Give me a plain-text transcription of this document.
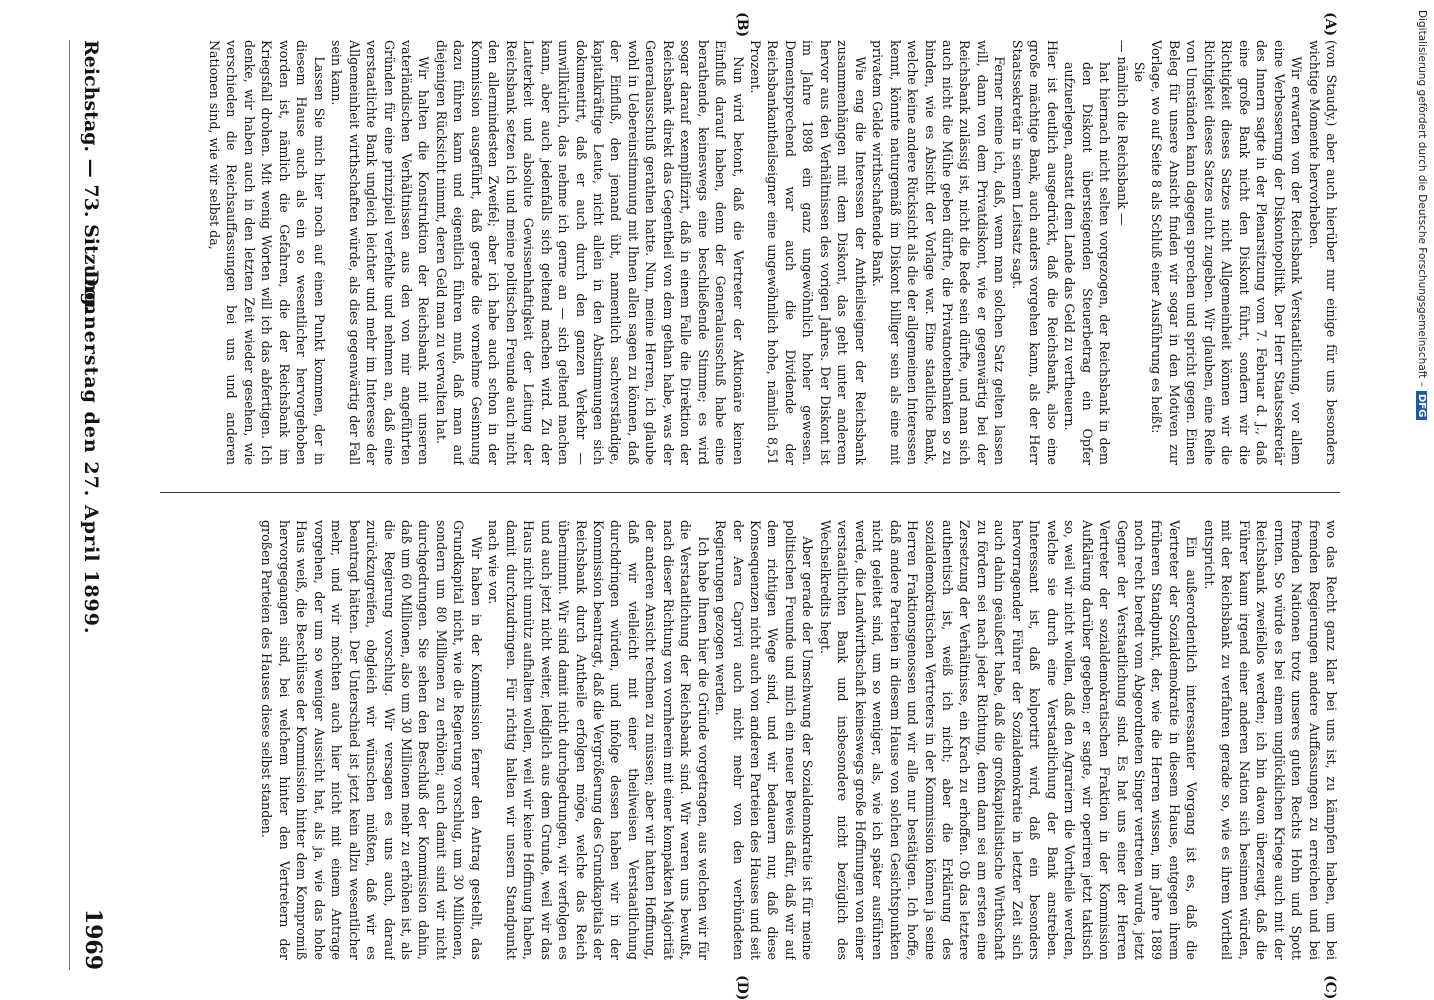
Reichstag. — 73. Sitzung.
Donnerstag den 27. April 1899.
1969
(A)
(B)
(C)
(D)

(von Staudy.) aber auch hierüber nur einige für uns besonders wichtige Momente hervorheben.

Wir erwarten von der Reichsbank Verstaatlichung, vor allem eine Verbesserung der Diskontopolitik. Der Herr Staatssekretär des Innern sagte in der Plenarsitzung vom 7. Februar d. J., daß eine große Bank nicht den Diskont führt, sondern wir die Richtigkeit dieses Satzes nicht Allgemeinheit können wir die Richtigkeit dieses Satzes nicht zugeben. Wir glauben, eine Reihe von Umständen kann dagegen sprechen und spricht gegen. Einen Beleg für unsere Ansicht finden wir sogar in den Motiven zur Vorlage, wo auf Seite 8 als Schluß einer Ausführung es heißt:

Sie

— nämlich die Reichsbank —

hat hiernach nicht selten vorgezogen, der Reichsbank in dem den Diskont übersteigenden Steuerbetrag ein Opfer aufzuerlegen, anstatt dem Lande das Geld zu vertheuern.

Hier ist deutlich ausgedrückt, daß die Reichsbank, also eine große mächtige Bank, auch anders vorgehen kann, als der Herr Staatssekretär in seinem Leitsatz sagt.

Ferner meine ich, daß, wenn man solchen Satz gelten lassen will, dann von dem Privatdiskont, wie er gegenwärtig bei der Reichsbank zulässig ist, nicht die Rede sein dürfte, und man sich auch nicht die Mühe geben dürfte, die Privatnotenbanken so zu binden, wie es Absicht der Vorlage war. Eine staatliche Bank, welche keine andere Rücksicht als die der allgemeinen Interessen kennt, könnte naturgemäß im Diskont billiger sein als eine mit privatem Gelde wirthschaftende Bank.

Wie eng die Interessen der Antheilseigner der Reichsbank zusammenhängen mit dem Diskont, das geht unter anderem hervor aus den Verhältnissen des vorigen Jahres. Der Diskont ist im Jahre 1898 ein ganz ungewöhnlich hoher gewesen. Dementsprechend war auch die Dividende der Reichsbankantheilseigner eine ungewöhnlich hohe, nämlich 8,51 Prozent.

Nun wird betont, daß die Vertreter der Aktionäre keinen Einfluß darauf haben, denn der Generalausschuß habe eine berathende, keineswegs eine beschließende Stimme; es wird sogar darauf exemplifizirt, daß in einem Falle die Direktion der Reichsbank direkt das Gegentheil von dem gethan habe, was der Generalausschuß gerathen hatte. Nun, meine Herren, ich glaube wohl in Uebereinstimmung mit Ihnen allen sagen zu können, daß der Einfluß, den jemand übt, namentlich sachverständige, kapitalkräftige Leute, nicht allein in den Abstimmungen sich dokumentirt, daß er auch durch den ganzen Verkehr — unwillkürlich, das nehme ich gerne an — sich geltend machen kann, aber auch jedenfalls sich geltend machen wird. Zu der Lauterkeit und absolute Gewissenhaftigkeit der Leitung der Reichsbank setzen ich und meine politischen Freunde auch nicht den allermindesten Zweifel; aber ich habe auch schon in der Kommission ausgeführt, daß gerade die vornehme Gesinnung dazu führen kann und eigentlich führen muß, daß man auf diejenigen Rücksicht nimmt, deren Geld man zu verwalten hat.

Wir halten die Konstruktion der Reichsbank mit unseren vaterländischen Verhältnissen aus den von mir angeführten Gründen für eine prinzipiell verfehlte und nehmen an, daß eine verstaatlichte Bank ungleich leichter und mehr im Interesse der Allgemeinheit wirthschaften würde, als dies gegenwärtig der Fall sein kann.

Lassen Sie mich hier noch auf einen Punkt kommen, der in diesem Hause auch als ein so wesentlicher hervorgehoben worden ist, nämlich die Gefahren, die der Reichsbank im Kriegsfall drohen. Mit wenig Worten will ich das abfertigen. Ich denke, wir haben auch in den letzten Zeit wieder gesehen, wie verschieden die Reichsauffassungen bei uns und anderen Nationen sind, wie wir selbst da,

wo das Recht ganz klar bei uns ist, zu kämpfen haben, um bei fremden Regierungen andere Auffassungen zu erreichen und bei fremden Nationen trotz unseres guten Rechts Hohn und Spott ernten. So würde es bei einem unglücklichen Kriege auch mit der Reichsbank zweifellos werden; ich bin davon überzeugt, daß die Führer kaum irgend einer anderen Nation sich besinnen würden, mit der Reichsbank zu verfahren gerade so, wie es ihrem Vortheil entspricht.

Ein außerordentlich interessanter Vorgang ist es, daß die Vertreter der Sozialdemokratie in diesem Hause, entgegen ihrem früheren Standpunkt, der, wie die Herren wissen, im Jahre 1889 noch recht beredt vom Abgeordneten Singer vertreten wurde, jetzt Gegner der Verstaatlichung sind. Es hat uns einer der Herren Vertreter der sozialdemokratischen Fraktion in der Kommission Aufklärung darüber gegeben; er sagte, wir operiren jetzt taktisch so, weil wir nicht wollen, daß den Agrariern die Vortheile werden, welche sie durch eine Verstaatlichung der Bank anstreben. Interessant ist, daß kolportirt wird, daß ein besonders hervorragender Führer der Sozialdemokratie in letzter Zeit sich auch dahin geäußert habe, daß die großkapitalistische Wirthschaft zu fördern sei nach jeder Richtung, denn dann sei am ersten eine Zersetzung der Verhältnisse, ein Krach zu erhoffen. Ob das letztere authentisch ist, weiß ich nicht; aber die Erklärung des sozialdemokratischen Vertreters in der Kommission können ja seine Herren Fraktionsgenossen und wir alle nur bestätigen. Ich hoffe, daß andere Parteien in diesem Hause von solchen Gesichtspunkten nicht geleitet sind, um so weniger, als, wie ich später ausführen werde, die Landwirthschaft keineswegs große Hoffnungen von einer verstaatlichten Bank und insbesondere nicht bezüglich des Wechselkredits hegt.

Aber gerade der Umschwung der Sozialdemokratie ist für meine politischen Freunde und mich ein neuer Beweis dafür, daß wir auf dem richtigen Wege sind, und wir bedauern nur, daß diese Konsequenzen nicht auch von anderen Parteien des Hauses und seit der Aera Caprivi auch nicht mehr von den verbündeten Regierungen gezogen werden.

Ich habe Ihnen hier die Gründe vorgetragen, aus welchen wir für die Verstaatlichung der Reichsbank sind. Wir waren uns bewußt, nach dieser Richtung von vornherein mit einer kompakten Majorität der anderen Ansicht rechnen zu müssen; aber wir hatten Hoffnung, daß wir vielleicht mit einer theilweisen Verstaatlichung durchdringen würden, und infolge dessen haben wir in der Kommission beantragt, daß die Vergrößerung des Grundkapitals der Reichsbank durch Antheile erfolgen möge, welche das Reich übernimmt. Wir sind damit nicht durchgedrungen, wir verfolgen es und auch jetzt nicht weiter, lediglich aus dem Grunde, weil wir das Haus nicht unnütz aufhalten wollen, weil wir keine Hoffnung haben, damit durchzudringen. Für richtig halten wir unsern Standpunkt nach wie vor.

Wir haben in der Kommission ferner den Antrag gestellt, das Grundkapital nicht, wie die Regierung vorschlug, um 30 Millionen, sondern um 80 Millionen zu erhöhen; auch damit sind wir nicht durchgedrungen. Sie sehen den Beschluß der Kommission dahin, daß um 60 Millionen, also um 30 Millionen mehr zu erhöhen ist, als die Regierung vorschlug. Wir versagen es uns auch, darauf zurückzugreifen, obgleich wir wünschen müßten, daß wir es beantragt hätten. Der Unterschied ist jetzt kein allzu wesentlicher mehr, und wir möchten auch hier nicht mit einem Antrage vorgehen, der um so weniger Aussicht hat, als ja, wie das hohe Haus weiß, die Beschlüsse der Kommission hinter dem Kompromiß hervorgegangen sind, bei welchem hinter den Vertretern der großen Parteien des Hauses diese selbst standen.

Digitalisierung gefördert durch die Deutsche Forschungsgemeinschaft –DFG
